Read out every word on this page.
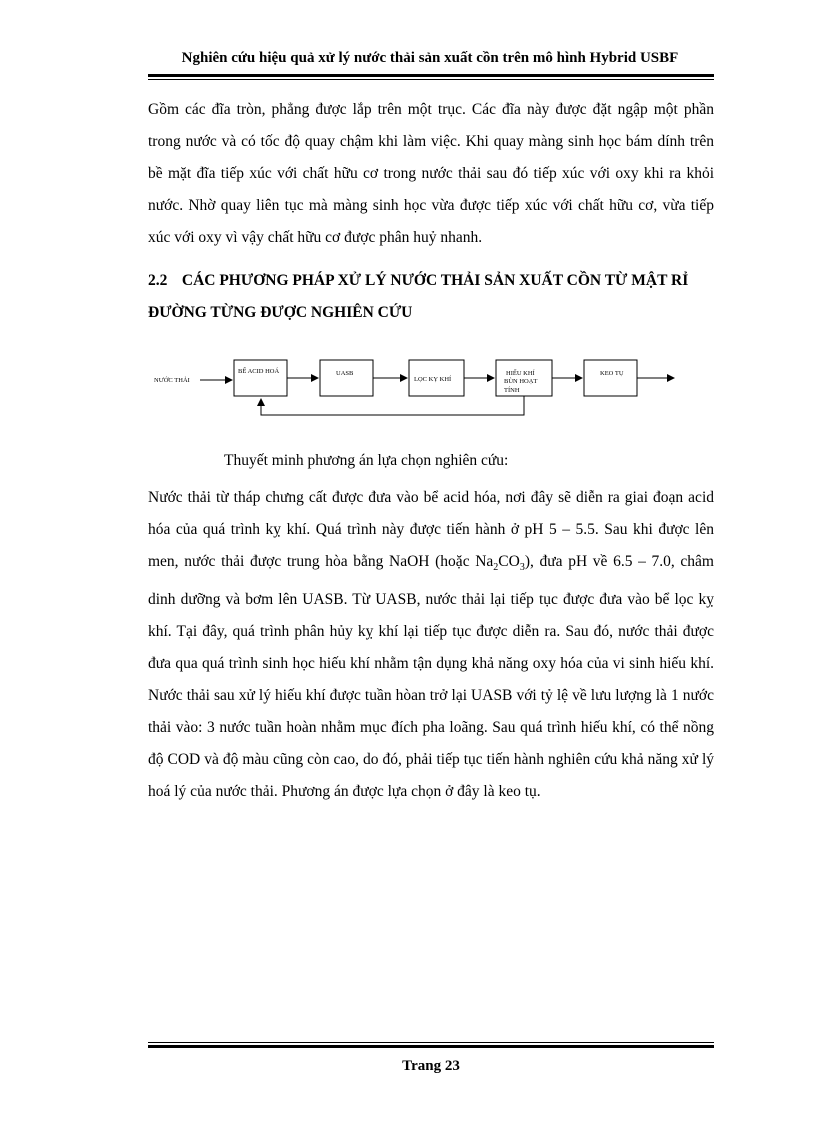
Nghiên cứu hiệu quả xử lý nước thải sản xuất cồn trên mô hình Hybrid USBF

Gồm các đĩa tròn, phẳng được lắp trên một trục. Các đĩa này được đặt ngập một phần trong nước và có tốc độ quay chậm khi làm việc. Khi quay màng sinh học bám dính trên bề mặt đĩa tiếp xúc với chất hữu cơ trong nước thải sau đó tiếp xúc với oxy khi ra khỏi nước. Nhờ quay liên tục mà màng sinh học vừa được tiếp xúc với chất hữu cơ, vừa tiếp xúc với oxy vì vậy chất hữu cơ được phân huỷ nhanh.

2.2 CÁC PHƯƠNG PHÁP XỬ LÝ NƯỚC THẢI SẢN XUẤT CỒN TỪ MẬT RỈ ĐƯỜNG TỪNG ĐƯỢC NGHIÊN CỨU
NƯỚC THẢI
BỂ ACID HOÁ	UASB
LỌC KỴ KHÍ
HIẾU KHÍ
BÙN HOẠT
TÍNH
KEO TỤ
Thuyết minh phương án lựa chọn nghiên cứu:

Nước thải từ tháp chưng cất được đưa vào bể acid hóa, nơi đây sẽ diễn ra giai đoạn acid hóa của quá trình kỵ khí. Quá trình này được tiến hành ở pH 5 – 5.5. Sau khi được lên men, nước thải được trung hòa bằng NaOH (hoặc $Na_2CO_3$), đưa pH về 6.5 – 7.0, châm dinh dưỡng và bơm lên UASB. Từ UASB, nước thải lại tiếp tục được đưa vào bể lọc kỵ khí. Tại đây, quá trình phân hủy kỵ khí lại tiếp tục được diễn ra. Sau đó, nước thải được đưa qua quá trình sinh học hiếu khí nhằm tận dụng khả năng oxy hóa của vi sinh hiếu khí. Nước thải sau xử lý hiếu khí được tuần hòan trở lại UASB với tỷ lệ về lưu lượng là 1 nước thải vào: 3 nước tuần hoàn nhằm mục đích pha loãng. Sau quá trình hiếu khí, có thể nồng độ COD và độ màu cũng còn cao, do đó, phải tiếp tục tiến hành nghiên cứu khả năng xử lý hoá lý của nước thải. Phương án được lựa chọn ở đây là keo tụ.

Trang 23
